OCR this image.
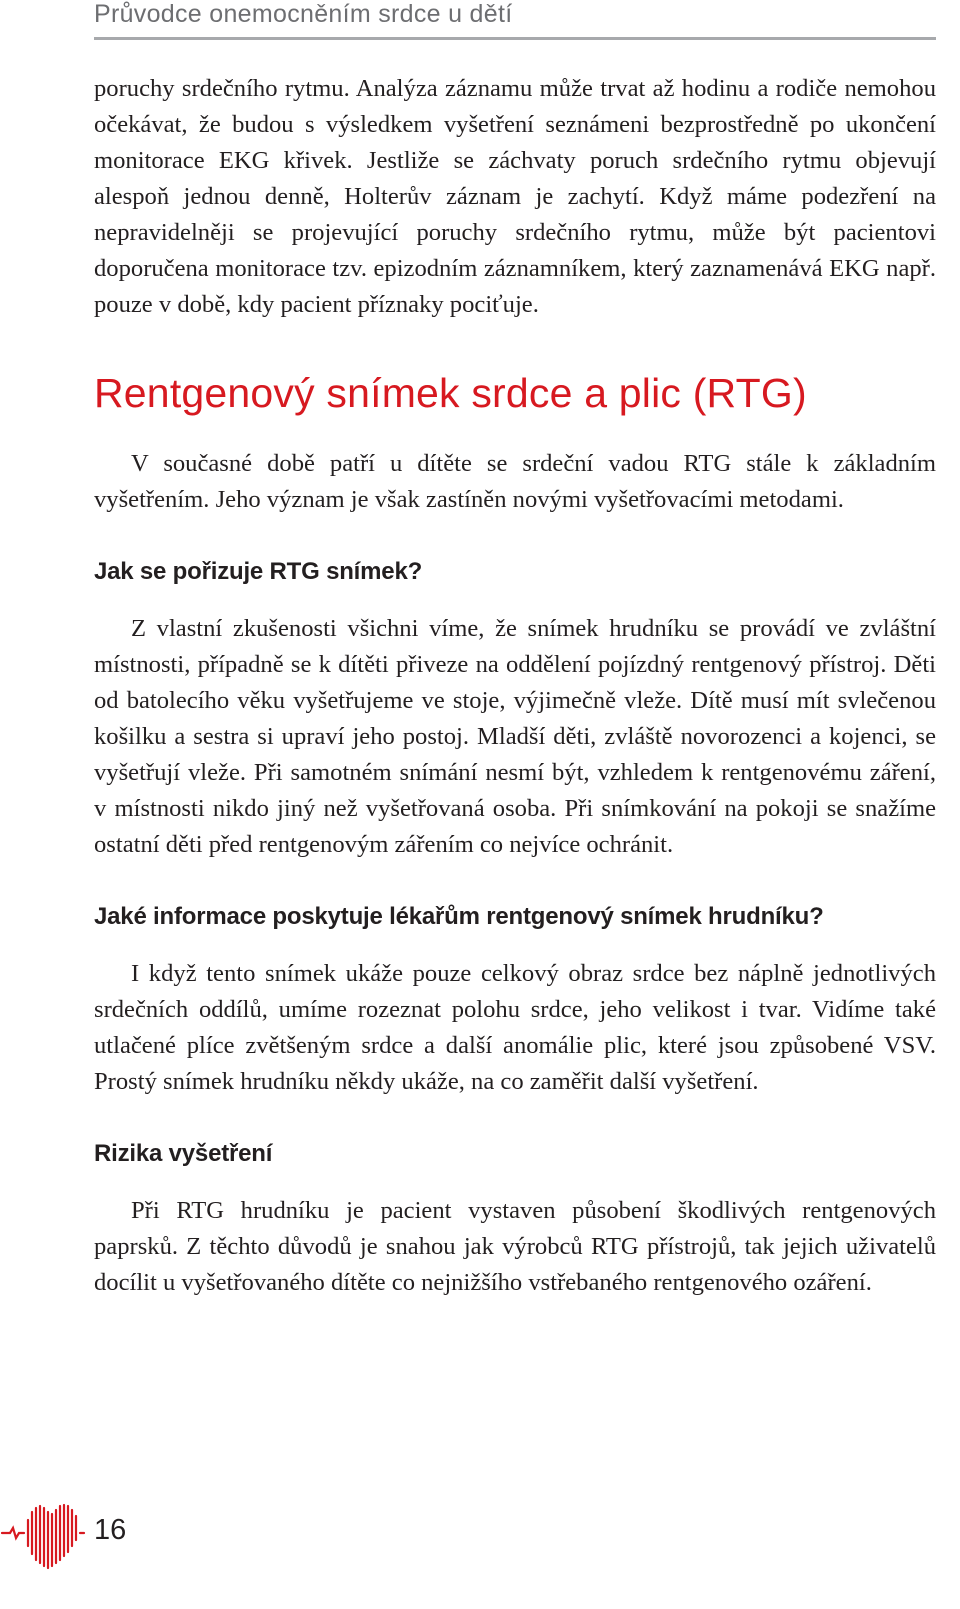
Průvodce onemocněním srdce u dětí

poruchy srdečního rytmu. Analýza záznamu může trvat až hodinu a rodiče nemohou očekávat, že budou s výsledkem vyšetření seznámeni bezprostředně po ukončení monitorace EKG křivek. Jestliže se záchvaty poruch srdečního rytmu objevují alespoň jednou denně, Holterův záznam je zachytí. Když máme podezření na nepravidelněji se projevující poruchy srdečního rytmu, může být pacientovi doporučena monitorace tzv. epizodním záznamníkem, který zaznamenává EKG např. pouze v době, kdy pacient příznaky pociťuje.

Rentgenový snímek srdce a plic (RTG)

V současné době patří u dítěte se srdeční vadou RTG stále k základním vyšetřením. Jeho význam je však zastíněn novými vyšetřovacími metodami.

Jak se pořizuje RTG snímek?

Z vlastní zkušenosti všichni víme, že snímek hrudníku se provádí ve zvláštní místnosti, případně se k dítěti přiveze na oddělení pojízdný rentgenový přístroj. Děti od batolecího věku vyšetřujeme ve stoje, výjimečně vleže. Dítě musí mít svlečenou košilku a sestra si upraví jeho postoj. Mladší děti, zvláště novorozenci a kojenci, se vyšetřují vleže. Při samotném snímání nesmí být, vzhledem k rentgenovému záření, v místnosti nikdo jiný než vyšetřovaná osoba. Při snímkování na pokoji se snažíme ostatní děti před rentgenovým zářením co nejvíce ochránit.

Jaké informace poskytuje lékařům rentgenový snímek hrudníku?

I když tento snímek ukáže pouze celkový obraz srdce bez náplně jednotlivých srdečních oddílů, umíme rozeznat polohu srdce, jeho velikost i tvar. Vidíme také utlačené plíce zvětšeným srdce a další anomálie plic, které jsou způsobené VSV. Prostý snímek hrudníku někdy ukáže, na co zaměřit další vyšetření.

Rizika vyšetření

Při RTG hrudníku je pacient vystaven působení škodlivých rentgenových paprsků. Z těchto důvodů je snahou jak výrobců RTG přístrojů, tak jejich uživatelů docílit u vyšetřovaného dítěte co nejnižšího vstřebaného rentgenového ozáření.

16
